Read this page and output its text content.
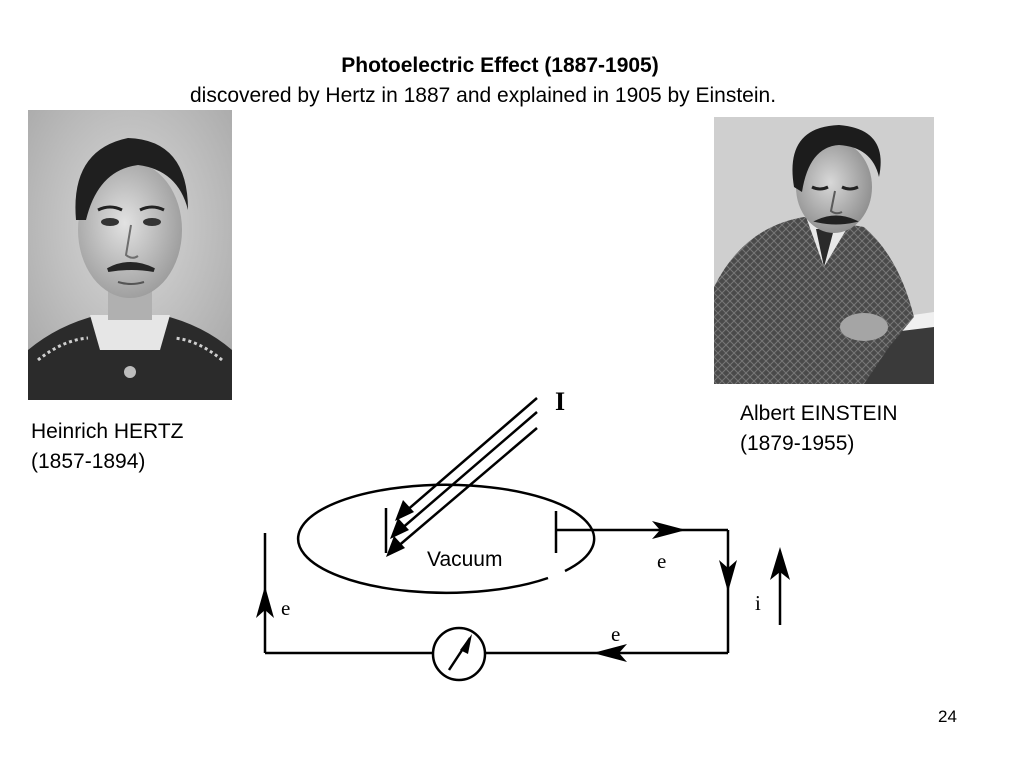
Photoelectric Effect (1887-1905)
discovered by Hertz in 1887 and explained in 1905 by Einstein.
Heinrich HERTZ
(1857-1894)
Albert EINSTEIN
(1879-1955)
I
Vacuum	e
e
e
i
24
